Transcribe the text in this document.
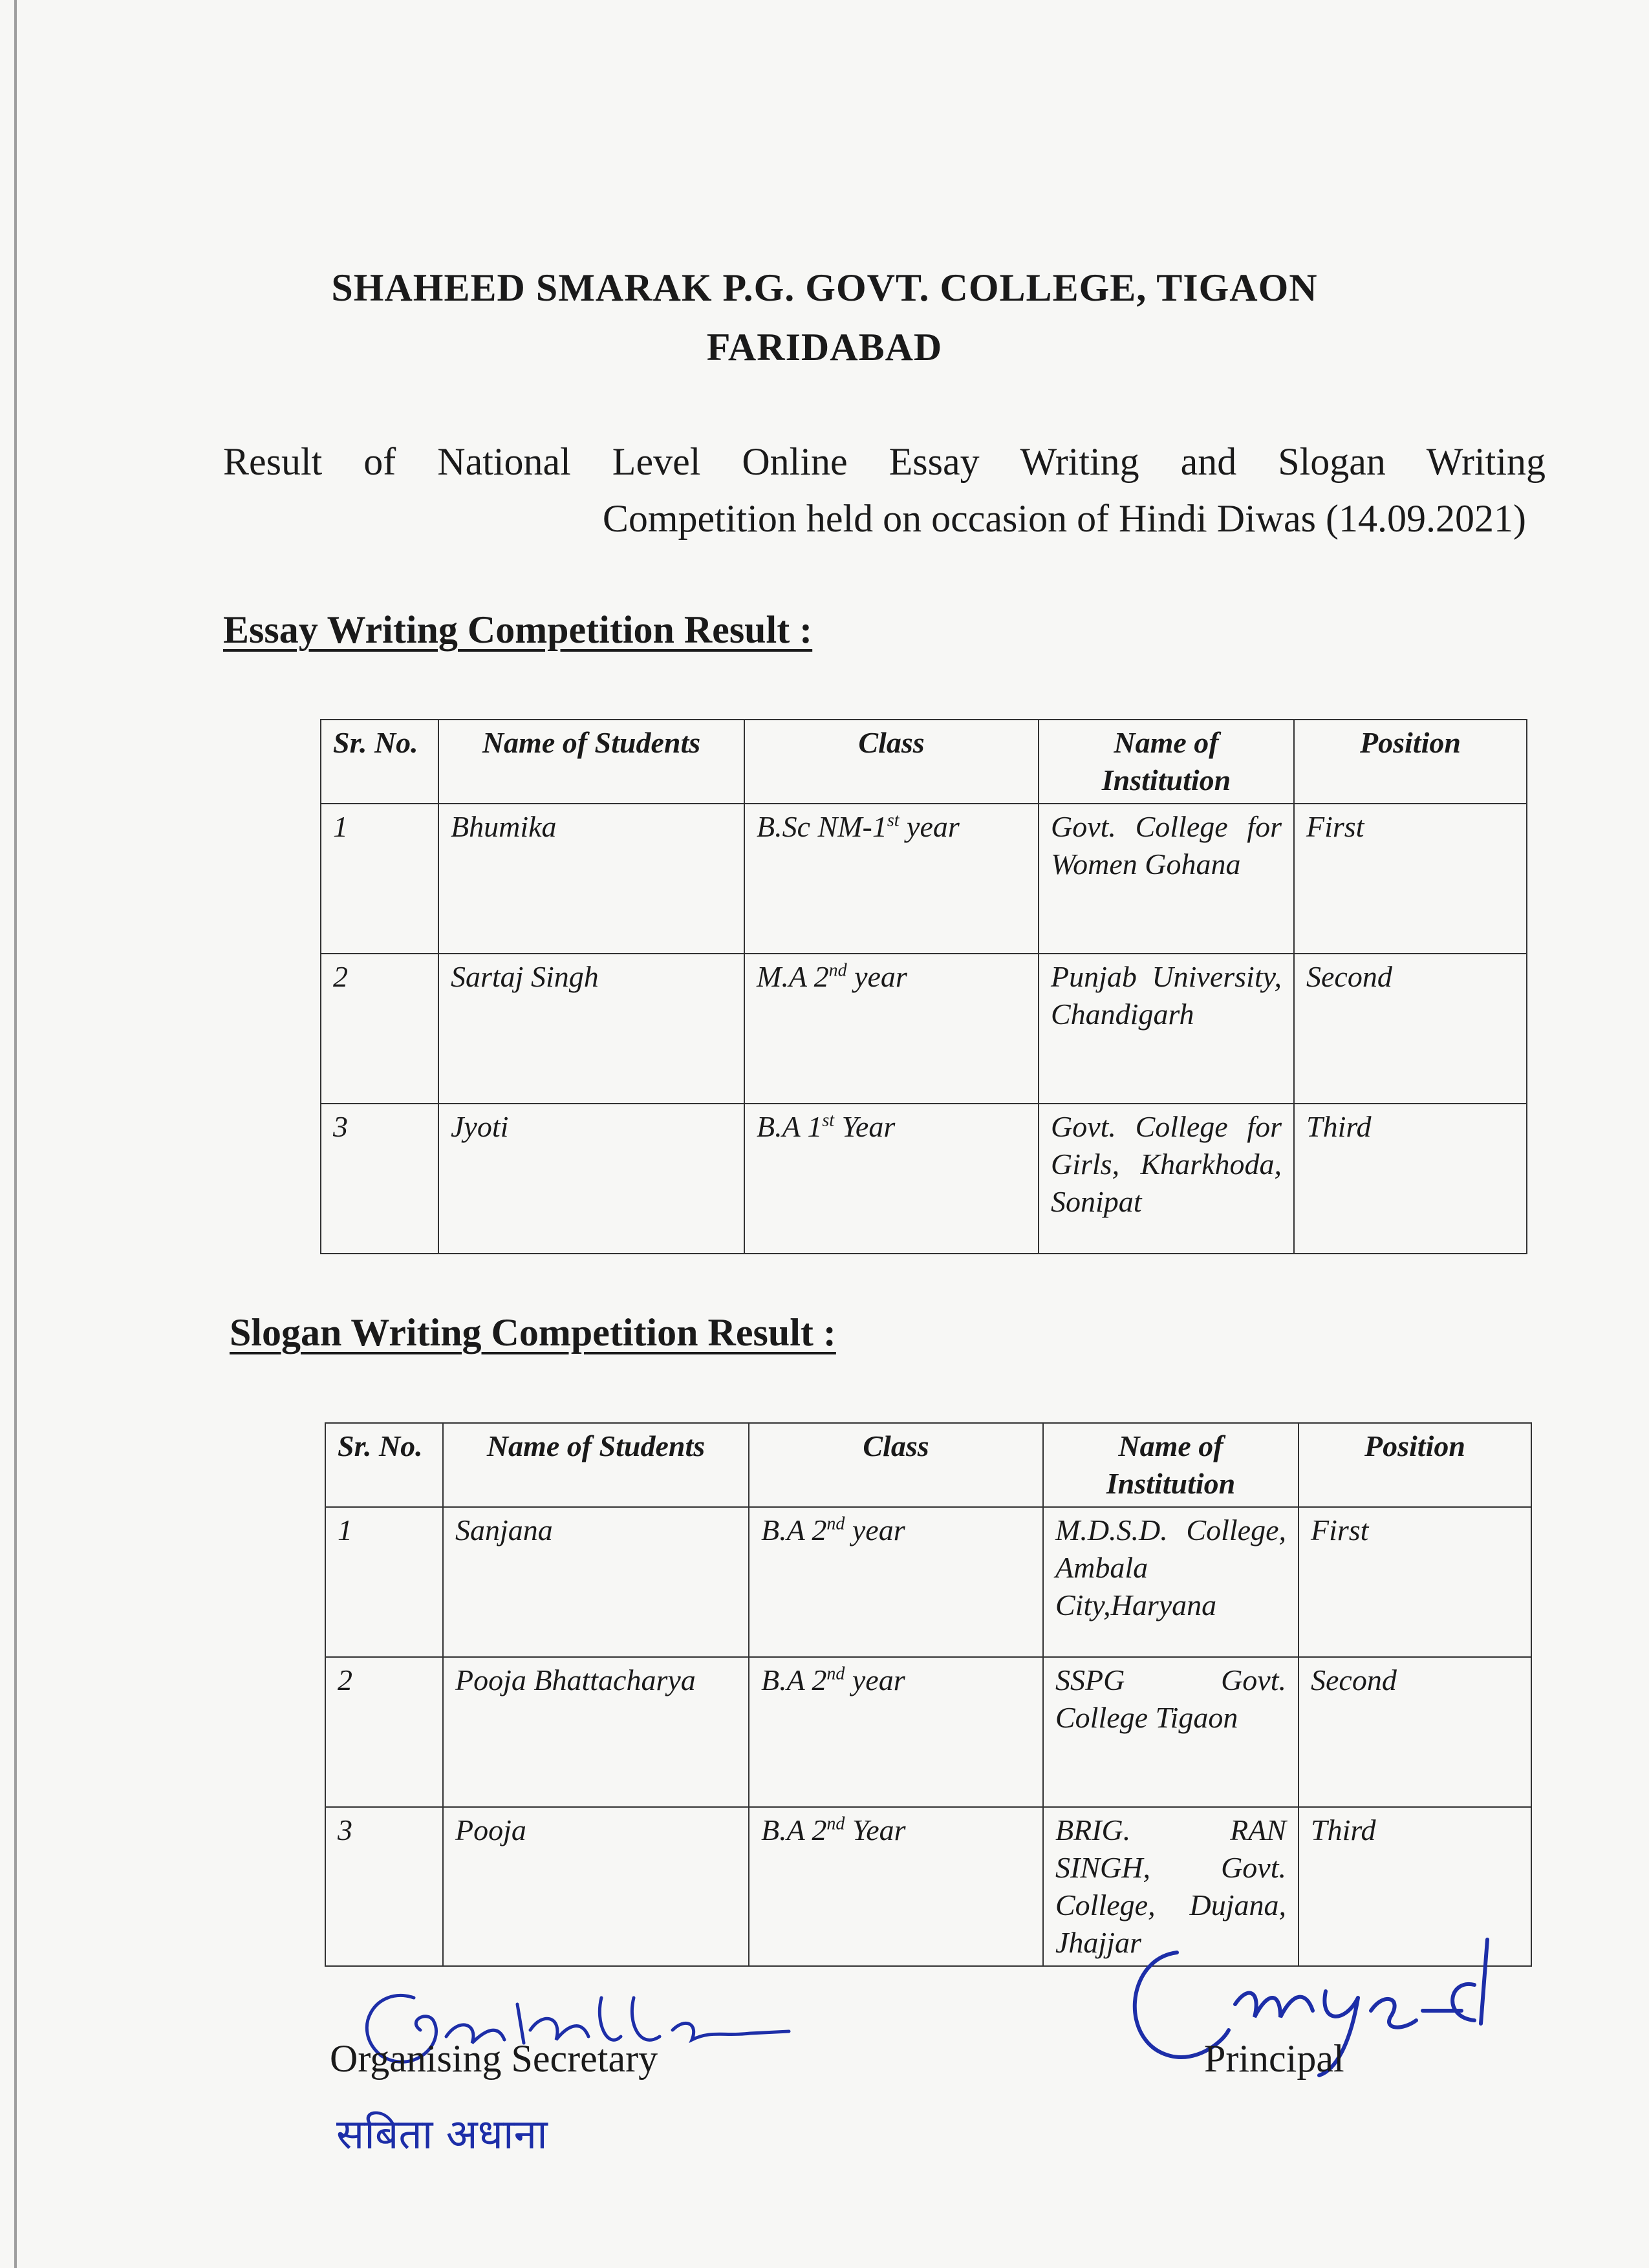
SHAHEED SMARAK P.G. GOVT. COLLEGE, TIGAON
FARIDABAD
Result of National Level Online Essay Writing and Slogan Writing
Competition held on occasion of Hindi Diwas (14.09.2021)
Essay Writing Competition Result :
Sr. No.	Name of Students	Class	Name of Institution	Position
1	Bhumika	B.Sc NM-1st year	Govt. College for Women Gohana	First
2	Sartaj Singh	M.A 2nd year	Punjab University, Chandigarh	Second
3	Jyoti	B.A 1st Year	Govt. College for Girls, Kharkhoda, Sonipat	Third
Slogan Writing Competition Result :
Sr. No.	Name of Students	Class	Name of Institution	Position
1	Sanjana	B.A 2nd year	M.D.S.D. College, Ambala City,Haryana	First
2	Pooja Bhattacharya	B.A 2nd year	SSPG Govt. College Tigaon	Second
3	Pooja	B.A 2nd Year	BRIG. RAN SINGH, Govt. College, Dujana, Jhajjar	Third
Organising Secretary
सबिता अधाना
Principal
